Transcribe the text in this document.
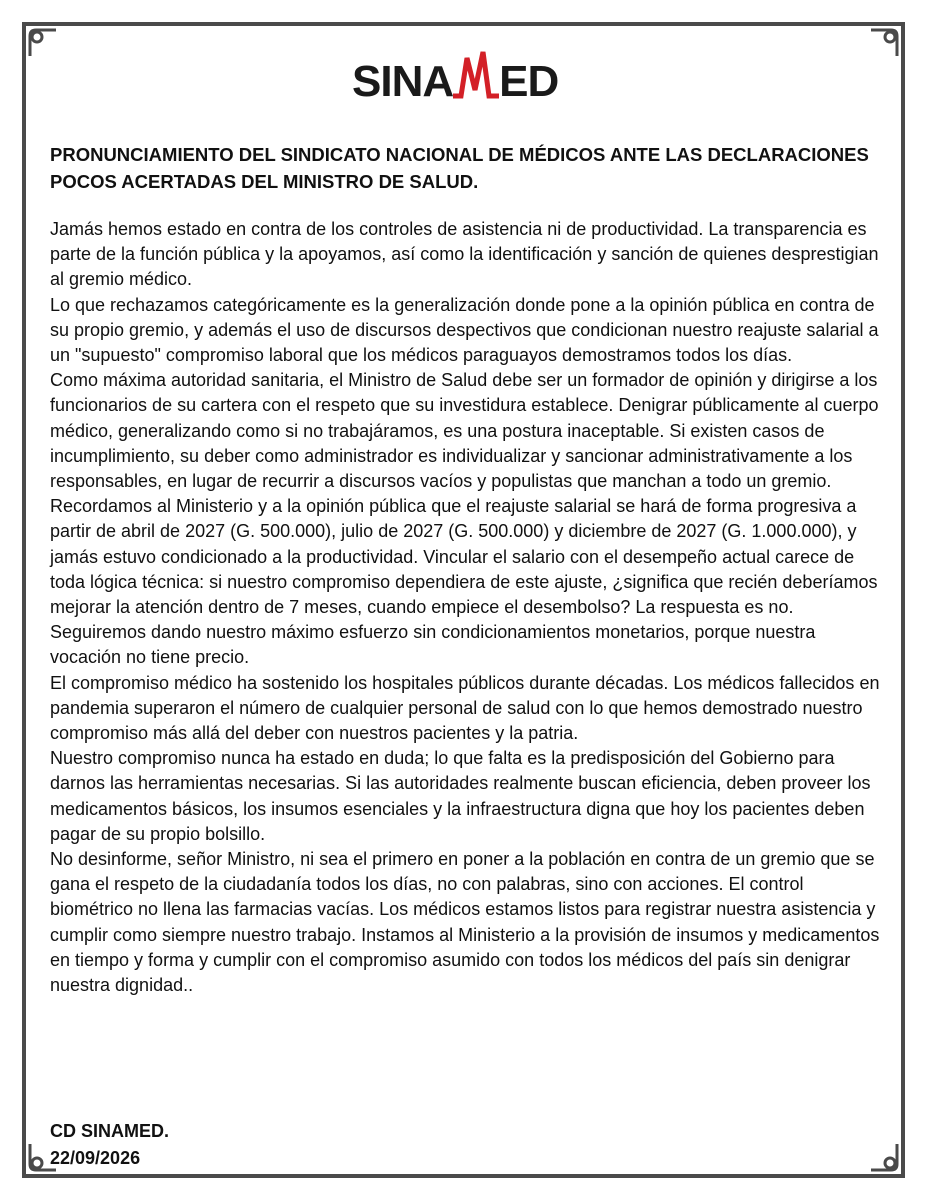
SINA ED
PRONUNCIAMIENTO DEL SINDICATO NACIONAL DE MÉDICOS ANTE LAS DECLARACIONES POCOS ACERTADAS DEL MINISTRO DE SALUD.

Jamás hemos estado en contra de los controles de asistencia ni de productividad. La transparencia es parte de la función pública y la apoyamos, así como la identificación y sanción de quienes desprestigian al gremio médico.

Lo que rechazamos categóricamente es la generalización donde pone a la opinión pública en contra de su propio gremio, y además el uso de discursos despectivos que condicionan nuestro reajuste salarial a un "supuesto" compromiso laboral que los médicos paraguayos demostramos todos los días.

Como máxima autoridad sanitaria, el Ministro de Salud debe ser un formador de opinión y dirigirse a los funcionarios de su cartera con el respeto que su investidura establece. Denigrar públicamente al cuerpo médico, generalizando como si no trabajáramos, es una postura inaceptable. Si existen casos de incumplimiento, su deber como administrador es individualizar y sancionar administrativamente a los responsables, en lugar de recurrir a discursos vacíos y populistas que manchan a todo un gremio.

Recordamos al Ministerio y a la opinión pública que el reajuste salarial se hará de forma progresiva a partir de abril de 2027 (G. 500.000), julio de 2027 (G. 500.000) y diciembre de 2027 (G. 1.000.000), y jamás estuvo condicionado a la productividad. Vincular el salario con el desempeño actual carece de toda lógica técnica: si nuestro compromiso dependiera de este ajuste, ¿significa que recién deberíamos mejorar la atención dentro de 7 meses, cuando empiece el desembolso? La respuesta es no. Seguiremos dando nuestro máximo esfuerzo sin condicionamientos monetarios, porque nuestra vocación no tiene precio.

El compromiso médico ha sostenido los hospitales públicos durante décadas. Los médicos fallecidos en pandemia superaron el número de cualquier personal de salud con lo que hemos demostrado nuestro compromiso más allá del deber con nuestros pacientes y la patria.

Nuestro compromiso nunca ha estado en duda; lo que falta es la predisposición del Gobierno para darnos las herramientas necesarias. Si las autoridades realmente buscan eficiencia, deben proveer los medicamentos básicos, los insumos esenciales y la infraestructura digna que hoy los pacientes deben pagar de su propio bolsillo.

No desinforme, señor Ministro, ni sea el primero en poner a la población en contra de un gremio que se gana el respeto de la ciudadanía todos los días, no con palabras, sino con acciones. El control biométrico no llena las farmacias vacías. Los médicos estamos listos para registrar nuestra asistencia y cumplir como siempre nuestro trabajo. Instamos al Ministerio a la provisión de insumos y medicamentos en tiempo y forma y cumplir con el compromiso asumido con todos los médicos del país sin denigrar nuestra dignidad..

CD SINAMED.
22/09/2026
